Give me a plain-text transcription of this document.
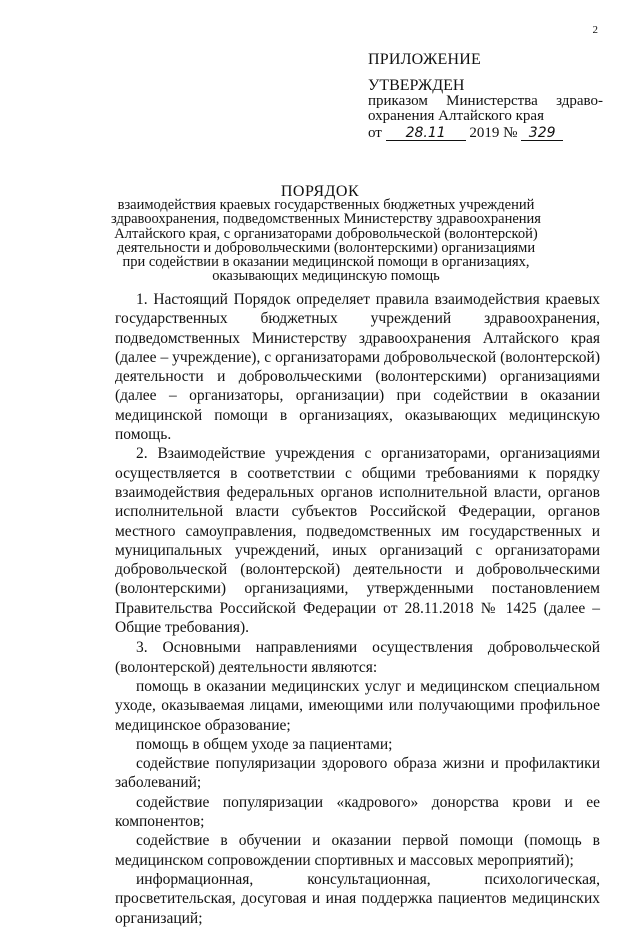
2
ПРИЛОЖЕНИЕ
УТВЕРЖДЕН
приказом Министерства здраво-
охранения Алтайского края
от 28.11 2019 № 329
ПОРЯДОК
взаимодействия краевых государственных бюджетных учреждений здравоохранения, подведомственных Министерству здравоохранения Алтайского края, с организаторами добровольческой (волонтерской) деятельности и добровольческими (волонтерскими) организациями при содействии в оказании медицинской помощи в организациях, оказывающих медицинскую помощь

1. Настоящий Порядок определяет правила взаимодействия краевых государственных бюджетных учреждений здравоохранения, подведомственных Министерству здравоохранения Алтайского края (далее – учреждение), с организаторами добровольческой (волонтерской) деятельности и добровольческими (волонтерскими) организациями (далее – организаторы, организации) при содействии в оказании медицинской помощи в организациях, оказывающих медицинскую помощь.

2. Взаимодействие учреждения с организаторами, организациями осуществляется в соответствии с общими требованиями к порядку взаимодействия федеральных органов исполнительной власти, органов исполнительной власти субъектов Российской Федерации, органов местного самоуправления, подведомственных им государственных и муниципальных учреждений, иных организаций с организаторами добровольческой (волонтерской) деятельности и добровольческими (волонтерскими) организациями, утвержденными постановлением Правительства Российской Федерации от 28.11.2018 № 1425 (далее – Общие требования).

3. Основными направлениями осуществления добровольческой (волонтерской) деятельности являются:

помощь в оказании медицинских услуг и медицинском специальном уходе, оказываемая лицами, имеющими или получающими профильное медицинское образование;

помощь в общем уходе за пациентами;

содействие популяризации здорового образа жизни и профилактики заболеваний;

содействие популяризации «кадрового» донорства крови и ее компонентов;

содействие в обучении и оказании первой помощи (помощь в медицинском сопровождении спортивных и массовых мероприятий);

информационная, консультационная, психологическая, просветительская, досуговая и иная поддержка пациентов медицинских организаций;
